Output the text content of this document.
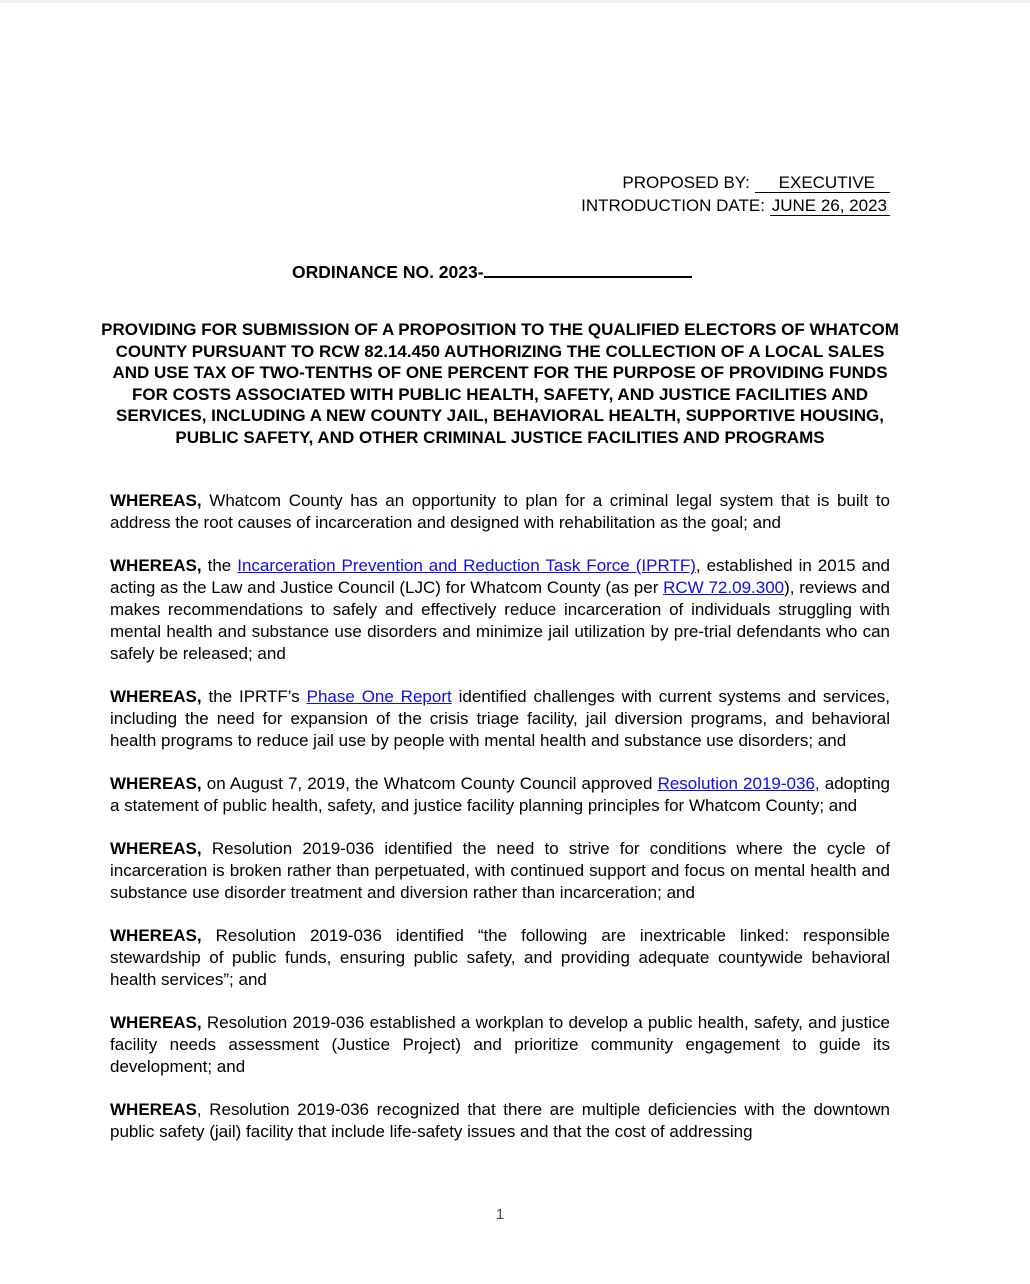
PROPOSED BY: EXECUTIVE
INTRODUCTION DATE: JUNE 26, 2023
ORDINANCE NO. 2023-
PROVIDING FOR SUBMISSION OF A PROPOSITION TO THE QUALIFIED ELECTORS OF WHATCOM COUNTY PURSUANT TO RCW 82.14.450 AUTHORIZING THE COLLECTION OF A LOCAL SALES AND USE TAX OF TWO-TENTHS OF ONE PERCENT FOR THE PURPOSE OF PROVIDING FUNDS FOR COSTS ASSOCIATED WITH PUBLIC HEALTH, SAFETY, AND JUSTICE FACILITIES AND SERVICES, INCLUDING A NEW COUNTY JAIL, BEHAVIORAL HEALTH, SUPPORTIVE HOUSING, PUBLIC SAFETY, AND OTHER CRIMINAL JUSTICE FACILITIES AND PROGRAMS

WHEREAS, Whatcom County has an opportunity to plan for a criminal legal system that is built to address the root causes of incarceration and designed with rehabilitation as the goal; and

WHEREAS, the Incarceration Prevention and Reduction Task Force (IPRTF), established in 2015 and acting as the Law and Justice Council (LJC) for Whatcom County (as per RCW 72.09.300), reviews and makes recommendations to safely and effectively reduce incarceration of individuals struggling with mental health and substance use disorders and minimize jail utilization by pre-trial defendants who can safely be released; and

WHEREAS, the IPRTF’s Phase One Report identified challenges with current systems and services, including the need for expansion of the crisis triage facility, jail diversion programs, and behavioral health programs to reduce jail use by people with mental health and substance use disorders; and

WHEREAS, on August 7, 2019, the Whatcom County Council approved Resolution 2019-036, adopting a statement of public health, safety, and justice facility planning principles for Whatcom County; and

WHEREAS, Resolution 2019-036 identified the need to strive for conditions where the cycle of incarceration is broken rather than perpetuated, with continued support and focus on mental health and substance use disorder treatment and diversion rather than incarceration; and

WHEREAS, Resolution 2019-036 identified “the following are inextricable linked: responsible stewardship of public funds, ensuring public safety, and providing adequate countywide behavioral health services”; and

WHEREAS, Resolution 2019-036 established a workplan to develop a public health, safety, and justice facility needs assessment (Justice Project) and prioritize community engagement to guide its development; and

WHEREAS, Resolution 2019-036 recognized that there are multiple deficiencies with the downtown public safety (jail) facility that include life-safety issues and that the cost of addressing

1
